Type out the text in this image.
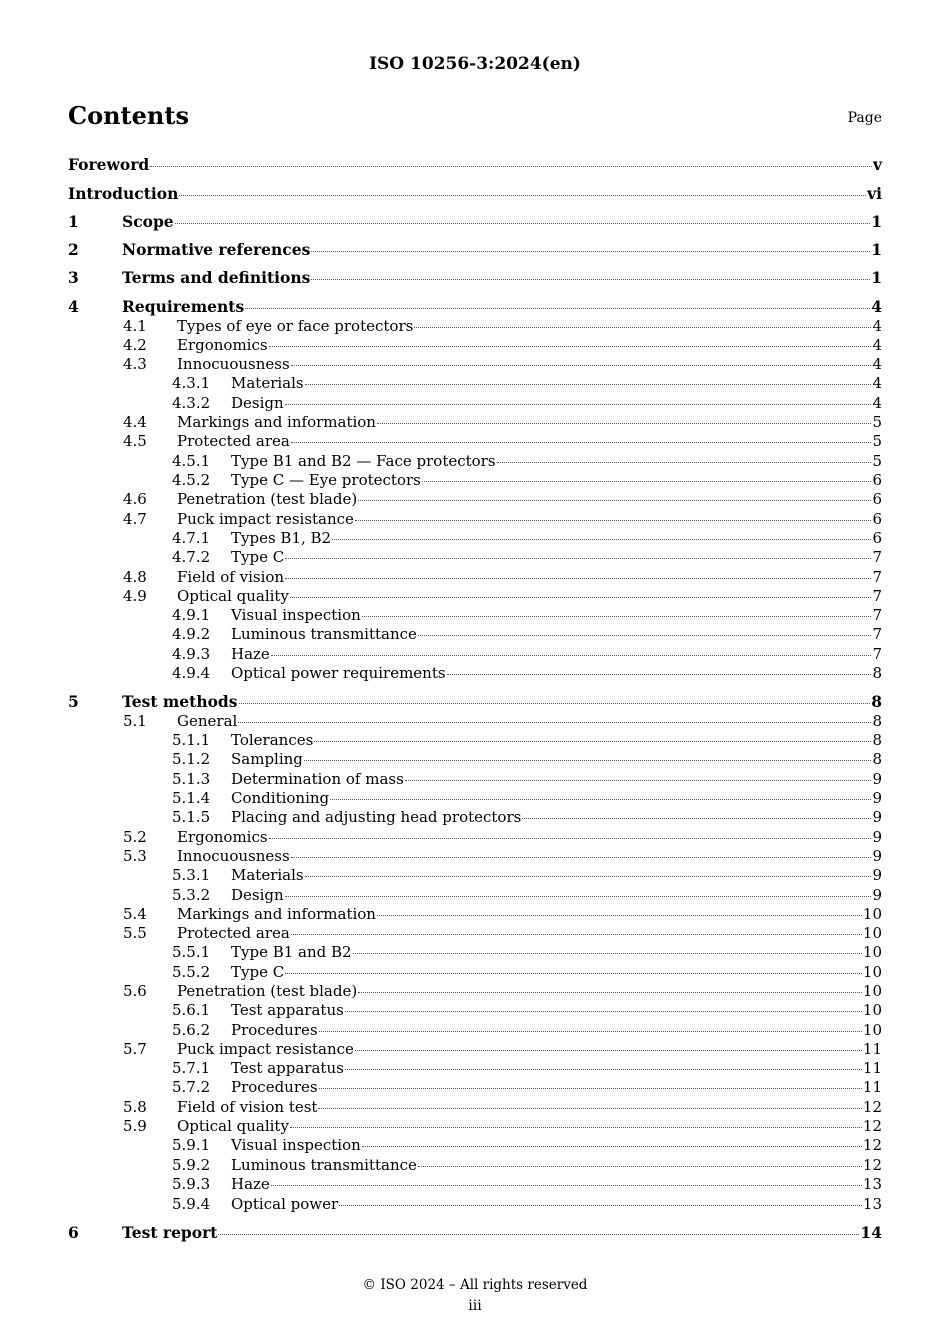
ISO 10256-3:2024(en)
Contents	Page
Foreword	v
Introduction	vi
1	Scope	1
2	Normative references	1
3	Terms and definitions	1
4	Requirements	4
4.1	Types of eye or face protectors	4
4.2	Ergonomics	4
4.3	Innocuousness	4
4.3.1	Materials	4
4.3.2	Design	4
4.4	Markings and information	5
4.5	Protected area	5
4.5.1	Type B1 and B2 — Face protectors	5
4.5.2	Type C — Eye protectors	6
4.6	Penetration (test blade)	6
4.7	Puck impact resistance	6
4.7.1	Types B1, B2	6
4.7.2	Type C	7
4.8	Field of vision	7
4.9	Optical quality	7
4.9.1	Visual inspection	7
4.9.2	Luminous transmittance	7
4.9.3	Haze	7
4.9.4	Optical power requirements	8
5	Test methods	8
5.1	General	8
5.1.1	Tolerances	8
5.1.2	Sampling	8
5.1.3	Determination of mass	9
5.1.4	Conditioning	9
5.1.5	Placing and adjusting head protectors	9
5.2	Ergonomics	9
5.3	Innocuousness	9
5.3.1	Materials	9
5.3.2	Design	9
5.4	Markings and information	10
5.5	Protected area	10
5.5.1	Type B1 and B2	10
5.5.2	Type C	10
5.6	Penetration (test blade)	10
5.6.1	Test apparatus	10
5.6.2	Procedures	10
5.7	Puck impact resistance	11
5.7.1	Test apparatus	11
5.7.2	Procedures	11
5.8	Field of vision test	12
5.9	Optical quality	12
5.9.1	Visual inspection	12
5.9.2	Luminous transmittance	12
5.9.3	Haze	13
5.9.4	Optical power	13
6	Test report	14
© ISO 2024 – All rights reserved
iii
